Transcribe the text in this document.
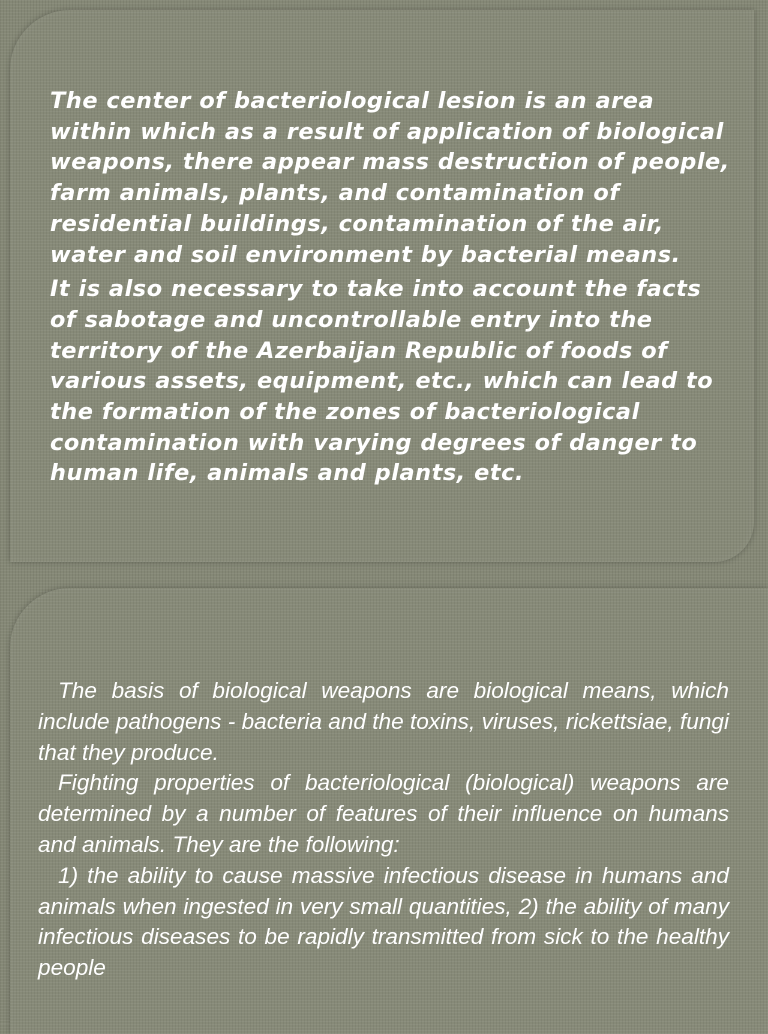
The center of bacteriological lesion is an area within which as a result of application of biological weapons, there appear mass destruction of people, farm animals, plants, and contamination of residential buildings, contamination of the air, water and soil environment by bacterial means.

It is also necessary to take into account the facts of sabotage and uncontrollable entry into the territory of the Azerbaijan Republic of foods of various assets, equipment, etc., which can lead to the formation of the zones of bacteriological contamination with varying degrees of danger to human life, animals and plants, etc.

The basis of biological weapons are biological means, which include pathogens - bacteria and the toxins, viruses, rickettsiae, fungi that they produce.

Fighting properties of bacteriological (biological) weapons are determined by a number of features of their influence on humans and animals. They are the following:

1) the ability to cause massive infectious disease in humans and animals when ingested in very small quantities, 2) the ability of many infectious diseases to be rapidly transmitted from sick to the healthy people
